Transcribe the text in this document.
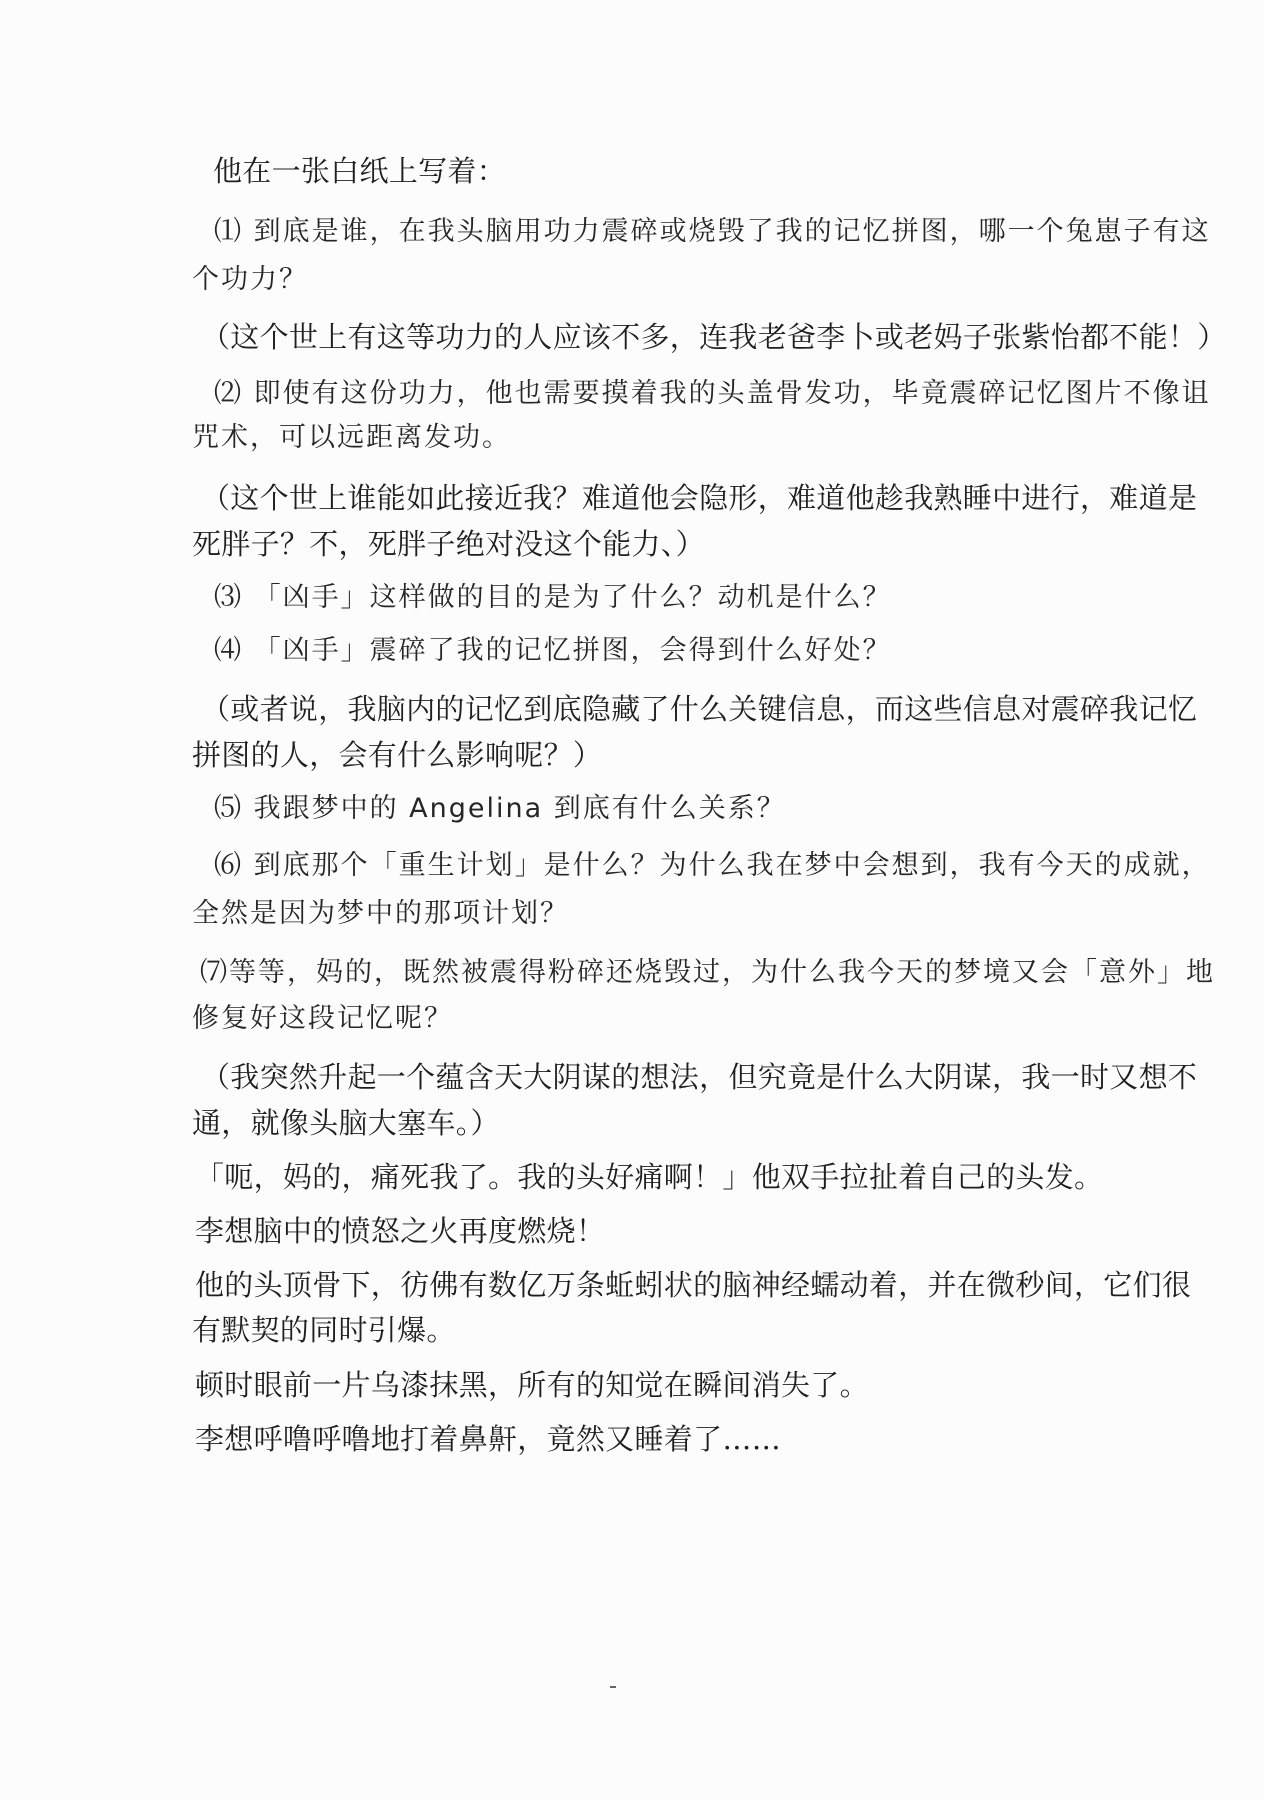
他在一张白纸上写着：

⑴ 到底是谁，在我头脑用功力震碎或烧毁了我的记忆拼图，哪一个兔崽子有这

个功力？

（这个世上有这等功力的人应该不多，连我老爸李卜或老妈子张紫怡都不能！）

⑵ 即使有这份功力，他也需要摸着我的头盖骨发功，毕竟震碎记忆图片不像诅

咒术，可以远距离发功。

（这个世上谁能如此接近我？难道他会隐形，难道他趁我熟睡中进行，难道是

死胖子？不，死胖子绝对没这个能力、）

⑶ 「凶手」这样做的目的是为了什么？动机是什么？

⑷ 「凶手」震碎了我的记忆拼图，会得到什么好处？

（或者说，我脑内的记忆到底隐藏了什么关键信息，而这些信息对震碎我记忆

拼图的人，会有什么影响呢？）

⑸ 我跟梦中的 Angelina 到底有什么关系？

⑹ 到底那个「重生计划」是什么？为什么我在梦中会想到，我有今天的成就，

全然是因为梦中的那项计划？

⑺等等，妈的，既然被震得粉碎还烧毁过，为什么我今天的梦境又会「意外」地

修复好这段记忆呢？

（我突然升起一个蕴含天大阴谋的想法，但究竟是什么大阴谋，我一时又想不

通，就像头脑大塞车。）

「呃，妈的，痛死我了。我的头好痛啊！」他双手拉扯着自己的头发。

李想脑中的愤怒之火再度燃烧！

他的头顶骨下，彷佛有数亿万条蚯蚓状的脑神经蠕动着，并在微秒间，它们很

有默契的同时引爆。

顿时眼前一片乌漆抹黑，所有的知觉在瞬间消失了。

李想呼噜呼噜地打着鼻鼾，竟然又睡着了……
